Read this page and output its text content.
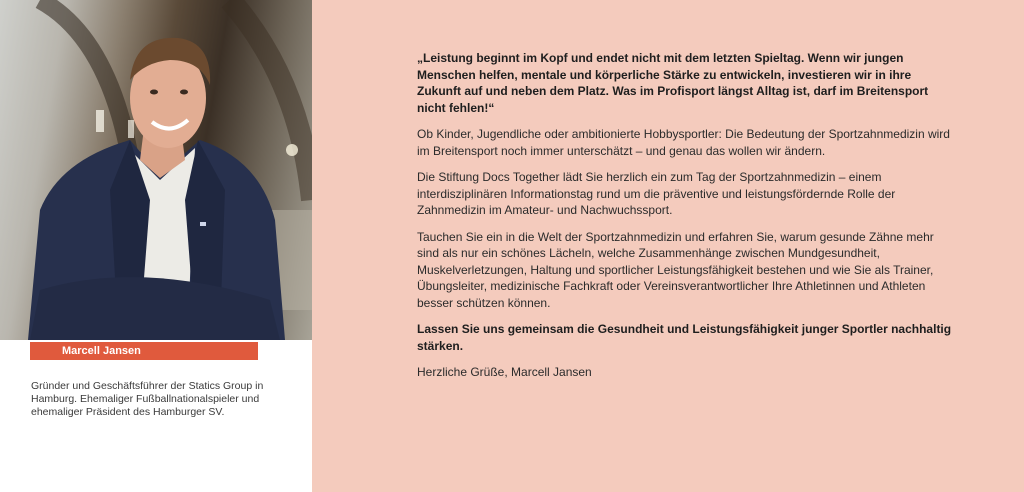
Marcell Jansen

Gründer und Geschäftsführer der Statics Group in Hamburg. Ehemaliger Fußballnationalspieler und ehemaliger Präsident des Hamburger SV.

„Leistung beginnt im Kopf und endet nicht mit dem letzten Spieltag. Wenn wir jungen Menschen helfen, mentale und körperliche Stärke zu entwickeln, investieren wir in ihre Zukunft auf und neben dem Platz. Was im Profisport längst Alltag ist, darf im Breitensport nicht fehlen!“

Ob Kinder, Jugendliche oder ambitionierte Hobbysportler: Die Bedeutung der Sportzahnmedizin wird im Breitensport noch immer unterschätzt – und genau das wollen wir ändern.

Die Stiftung Docs Together lädt Sie herzlich ein zum Tag der Sportzahnmedizin – einem interdisziplinären Informationstag rund um die präventive und leistungsfördernde Rolle der Zahnmedizin im Amateur- und Nachwuchssport.

Tauchen Sie ein in die Welt der Sportzahnmedizin und erfahren Sie, warum gesunde Zähne mehr sind als nur ein schönes Lächeln, welche Zusammenhänge zwischen Mundgesundheit, Muskelverletzungen, Haltung und sportlicher Leistungsfähigkeit bestehen und wie Sie als Trainer, Übungsleiter, medizinische Fachkraft oder Vereinsverantwortlicher Ihre Athletinnen und Athleten besser schützen können.

Lassen Sie uns gemeinsam die Gesundheit und Leistungsfähigkeit junger Sportler nachhaltig stärken.

Herzliche Grüße, Marcell Jansen
